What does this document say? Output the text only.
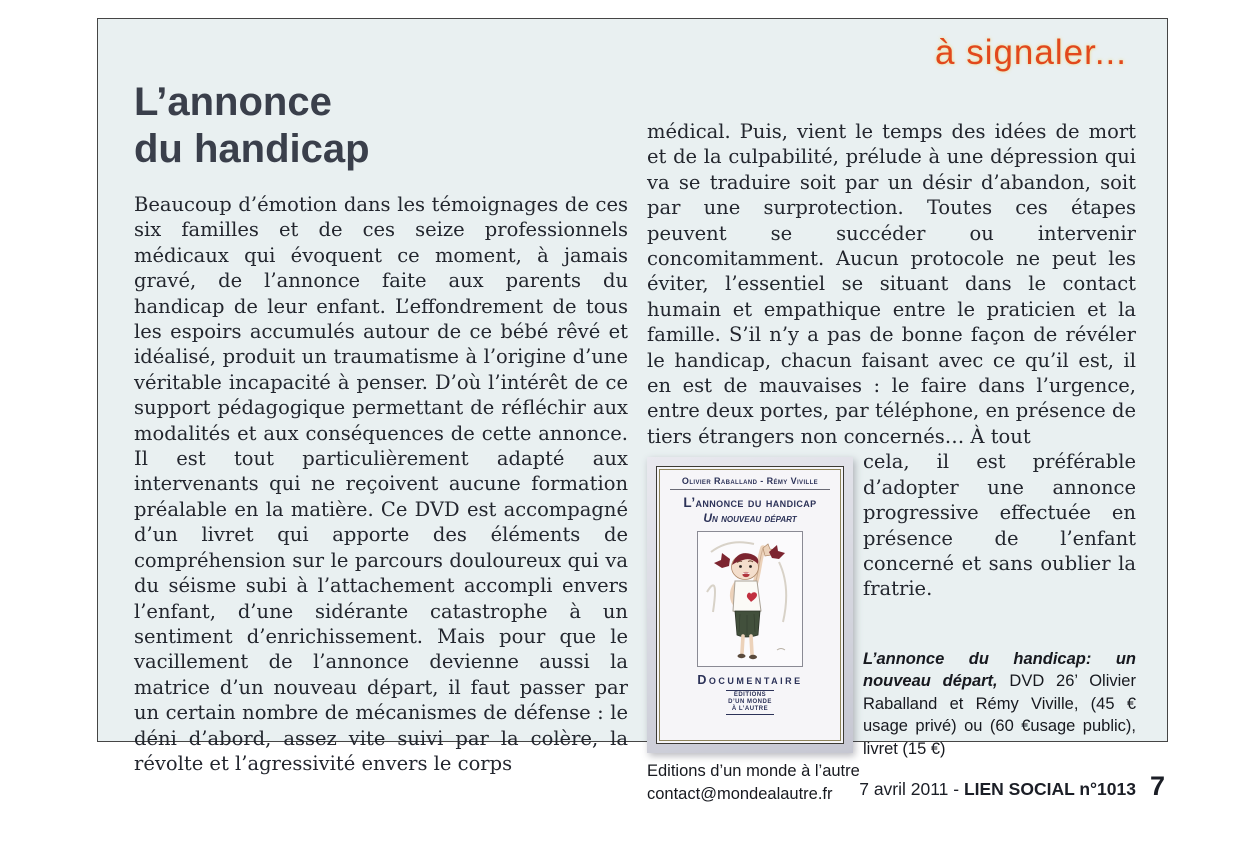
à signaler...
L’annonce
du handicap

Beaucoup d’émotion dans les témoignages de ces six familles et de ces seize professionnels médicaux qui évoquent ce moment, à jamais gravé, de l’annonce faite aux parents du handicap de leur enfant. L’effondrement de tous les espoirs accumulés autour de ce bébé rêvé et idéalisé, produit un traumatisme à l’origine d’une véritable incapacité à penser. D’où l’intérêt de ce support pédagogique permettant de réfléchir aux modalités et aux conséquences de cette annonce. Il est tout particulièrement adapté aux intervenants qui ne reçoivent aucune formation préalable en la matière. Ce DVD est accompagné d’un livret qui apporte des éléments de compréhension sur le parcours douloureux qui va du séisme subi à l’attachement accompli envers l’enfant, d’une sidérante catastrophe à un sentiment d’enrichissement. Mais pour que le vacillement de l’annonce devienne aussi la matrice d’un nouveau départ, il faut passer par un certain nombre de mécanismes de défense : le déni d’abord, assez vite suivi par la colère, la révolte et l’agressivité envers le corps

médical. Puis, vient le temps des idées de mort et de la culpabilité, prélude à une dépression qui va se traduire soit par un désir d’abandon, soit par une surprotection. Toutes ces étapes peuvent se succéder ou intervenir concomitamment. Aucun protocole ne peut les éviter, l’essentiel se situant dans le contact humain et empathique entre le praticien et la famille. S’il n’y a pas de bonne façon de révéler le handicap, chacun faisant avec ce qu’il est, il en est de mauvaises : le faire dans l’urgence, entre deux portes, par téléphone, en présence de tiers étrangers non concernés… À tout

Olivier Raballand - Rémy Viville
L’annonce du handicap
Un nouveau départ
Documentaire
ÉDITIONS
D’UN MONDE
À L’AUTRE

cela, il est préférable d’adopter une annonce progressive effectuée en présence de l’enfant concerné et sans oublier la fratrie.

L’annonce du handicap: un nouveau départ, DVD 26’ Olivier Raballand et Rémy Viville, (45 € usage privé) ou (60 €usage public), livret (15 €)
Editions d’un monde à l’autre
contact@mondealautre.fr	7 avril 2011 - LIEN SOCIAL n°1013 7
